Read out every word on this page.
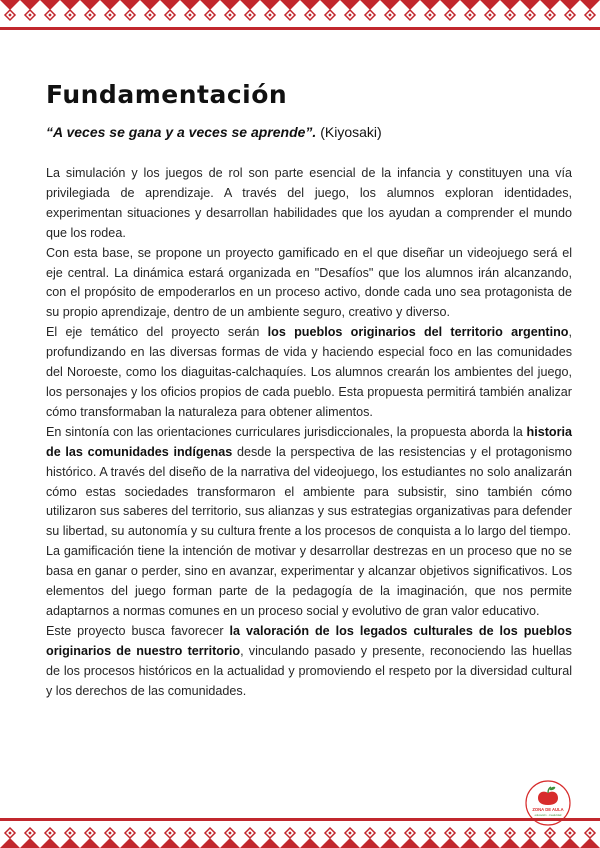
Fundamentación

“A veces se gana y a veces se aprende”. (Kiyosaki)

La simulación y los juegos de rol son parte esencial de la infancia y constituyen una vía privilegiada de aprendizaje. A través del juego, los alumnos exploran identidades, experimentan situaciones y desarrollan habilidades que los ayudan a comprender el mundo que los rodea.

Con esta base, se propone un proyecto gamificado en el que diseñar un videojuego será el eje central. La dinámica estará organizada en "Desafíos" que los alumnos irán alcanzando, con el propósito de empoderarlos en un proceso activo, donde cada uno sea protagonista de su propio aprendizaje, dentro de un ambiente seguro, creativo y diverso.

El eje temático del proyecto serán los pueblos originarios del territorio argentino, profundizando en las diversas formas de vida y haciendo especial foco en las comunidades del Noroeste, como los diaguitas-calchaquíes. Los alumnos crearán los ambientes del juego, los personajes y los oficios propios de cada pueblo. Esta propuesta permitirá también analizar cómo transformaban la naturaleza para obtener alimentos.

En sintonía con las orientaciones curriculares jurisdiccionales, la propuesta aborda la historia de las comunidades indígenas desde la perspectiva de las resistencias y el protagonismo histórico. A través del diseño de la narrativa del videojuego, los estudiantes no solo analizarán cómo estas sociedades transformaron el ambiente para subsistir, sino también cómo utilizaron sus saberes del territorio, sus alianzas y sus estrategias organizativas para defender su libertad, su autonomía y su cultura frente a los procesos de conquista a lo largo del tiempo.

La gamificación tiene la intención de motivar y desarrollar destrezas en un proceso que no se basa en ganar o perder, sino en avanzar, experimentar y alcanzar objetivos significativos. Los elementos del juego forman parte de la pedagogía de la imaginación, que nos permite adaptarnos a normas comunes en un proceso social y evolutivo de gran valor educativo.

Este proyecto busca favorecer la valoración de los legados culturales de los pueblos originarios de nuestro territorio, vinculando pasado y presente, reconociendo las huellas de los procesos históricos en la actualidad y promoviendo el respeto por la diversidad cultural y los derechos de las comunidades.

ZONA DE AULA
educación · creatividad
